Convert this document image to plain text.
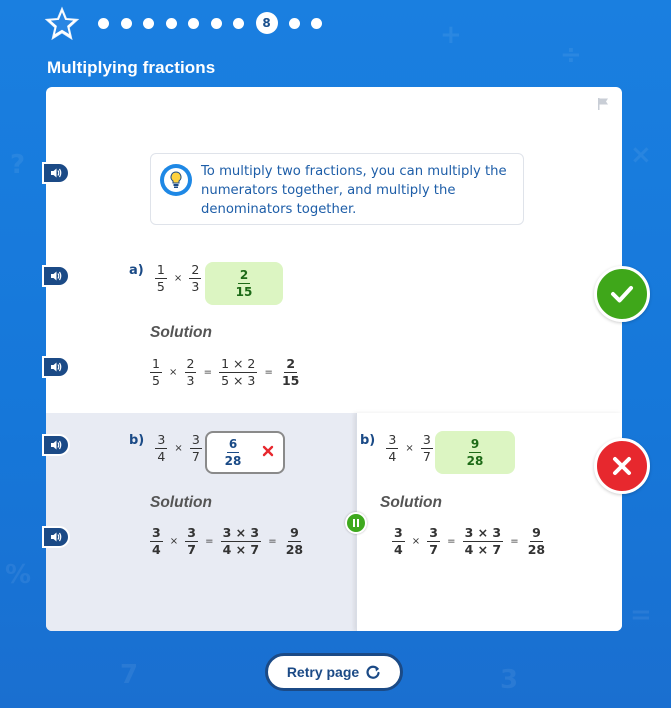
+
÷
?	×
%
=
7	3
8
Multiplying fractions
To multiply two fractions, you can multiply the numerators together, and multiply the denominators together.
$a) \frac{1}{5} \times \frac{2}{3}$
	$\frac{2}{15}$
Solution
$\frac{1}{5} \times \frac{2}{3} = \frac{1 \times 2}{5 \times 3} = \frac{2}{15}$
$b) \frac{3}{4} \times \frac{3}{7}$
$\frac{6}{28}$
Solution
$\frac{3}{4} \times \frac{3}{7} = \frac{3 \times 3}{4 \times 7} = \frac{9}{28}$
$b) \frac{3}{4} \times \frac{3}{7}$
	$\frac{9}{28}$
Solution
$\frac{3}{4} \times \frac{3}{7} = \frac{3 \times 3}{4 \times 7} = \frac{9}{28}$
Retry page
